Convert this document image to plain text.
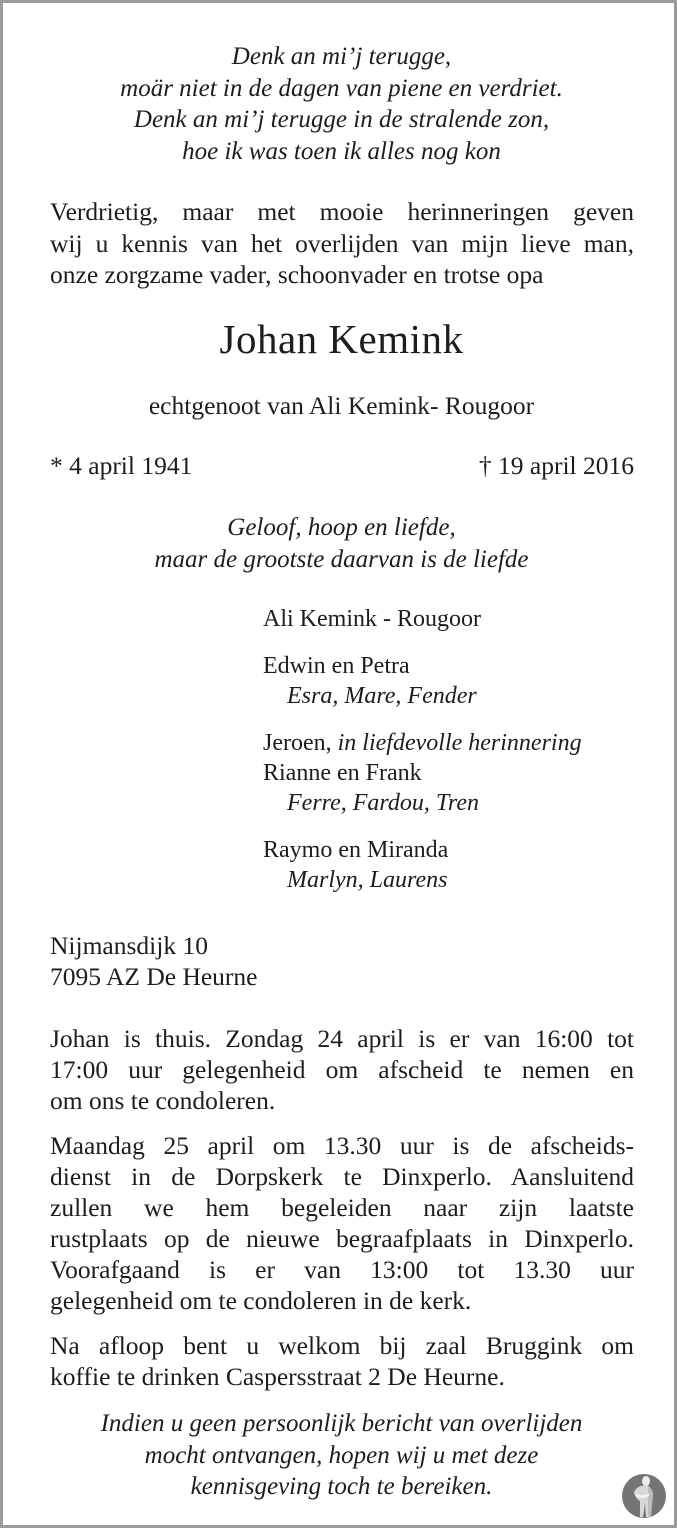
Denk an mi’j terugge,
moär niet in de dagen van piene en verdriet.
Denk an mi’j terugge in de stralende zon,
hoe ik was toen ik alles nog kon
Verdrietig, maar met mooie herinneringen geven
wij u kennis van het overlijden van mijn lieve man,
onze zorgzame vader, schoonvader en trotse opa
Johan Kemink
echtgenoot van Ali Kemink- Rougoor
* 4 april 1941	† 19 april 2016
Geloof, hoop en liefde,
maar de grootste daarvan is de liefde
Ali Kemink - Rougoor
Edwin en Petra
Esra, Mare, Fender
Jeroen, in liefdevolle herinnering
Rianne en Frank
Ferre, Fardou, Tren
Raymo en Miranda
Marlyn, Laurens
Nijmansdijk 10
7095 AZ De Heurne
Johan is thuis. Zondag 24 april is er van 16:00 tot
17:00 uur gelegenheid om afscheid te nemen en
om ons te condoleren.
Maandag 25 april om 13.30 uur is de afscheids-
dienst in de Dorpskerk te Dinxperlo. Aansluitend
zullen we hem begeleiden naar zijn laatste
rustplaats op de nieuwe begraafplaats in Dinxperlo.
Voorafgaand is er van 13:00 tot 13.30 uur
gelegenheid om te condoleren in de kerk.
Na afloop bent u welkom bij zaal Bruggink om
koffie te drinken Caspersstraat 2 De Heurne.
Indien u geen persoonlijk bericht van overlijden
mocht ontvangen, hopen wij u met deze
kennisgeving toch te bereiken.
